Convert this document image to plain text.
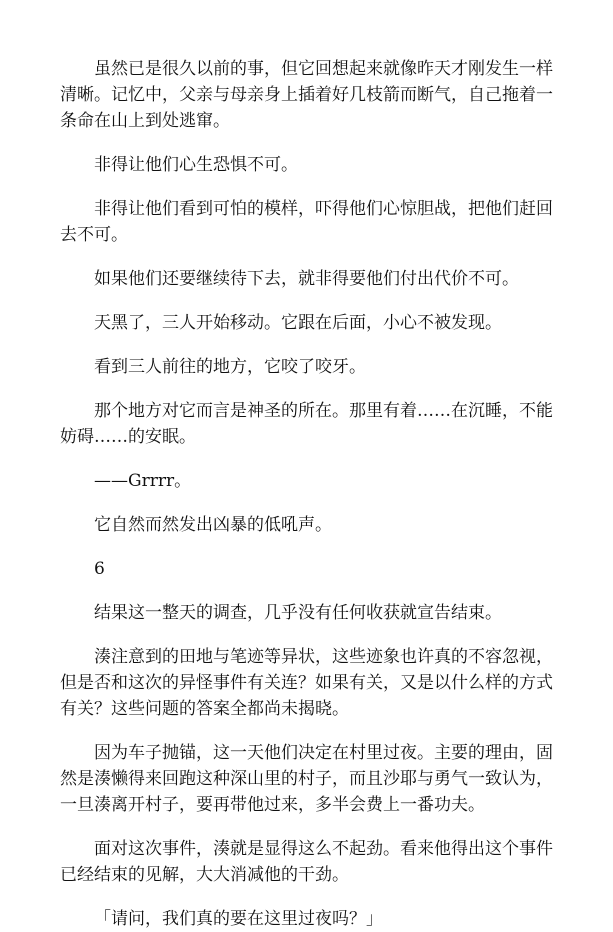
虽然已是很久以前的事，但它回想起来就像昨天才刚发生一样清晰。记忆中，父亲与母亲身上插着好几枝箭而断气，自己拖着一条命在山上到处逃窜。

非得让他们心生恐惧不可。

非得让他们看到可怕的模样，吓得他们心惊胆战，把他们赶回去不可。

如果他们还要继续待下去，就非得要他们付出代价不可。

天黑了，三人开始移动。它跟在后面，小心不被发现。

看到三人前往的地方，它咬了咬牙。

那个地方对它而言是神圣的所在。那里有着……在沉睡，不能妨碍……的安眠。

——Grrrr。

它自然而然发出凶暴的低吼声。

6

结果这一整天的调查，几乎没有任何收获就宣告结束。

湊注意到的田地与笔迹等异状，这些迹象也许真的不容忽视，但是否和这次的异怪事件有关连？如果有关，又是以什么样的方式有关？这些问题的答案全都尚未揭晓。

因为车子抛锚，这一天他们决定在村里过夜。主要的理由，固然是湊懒得来回跑这种深山里的村子，而且沙耶与勇气一致认为，一旦湊离开村子，要再带他过来，多半会费上一番功夫。

面对这次事件，湊就是显得这么不起劲。看来他得出这个事件已经结束的见解，大大消减他的干劲。

「请问，我们真的要在这里过夜吗？」
